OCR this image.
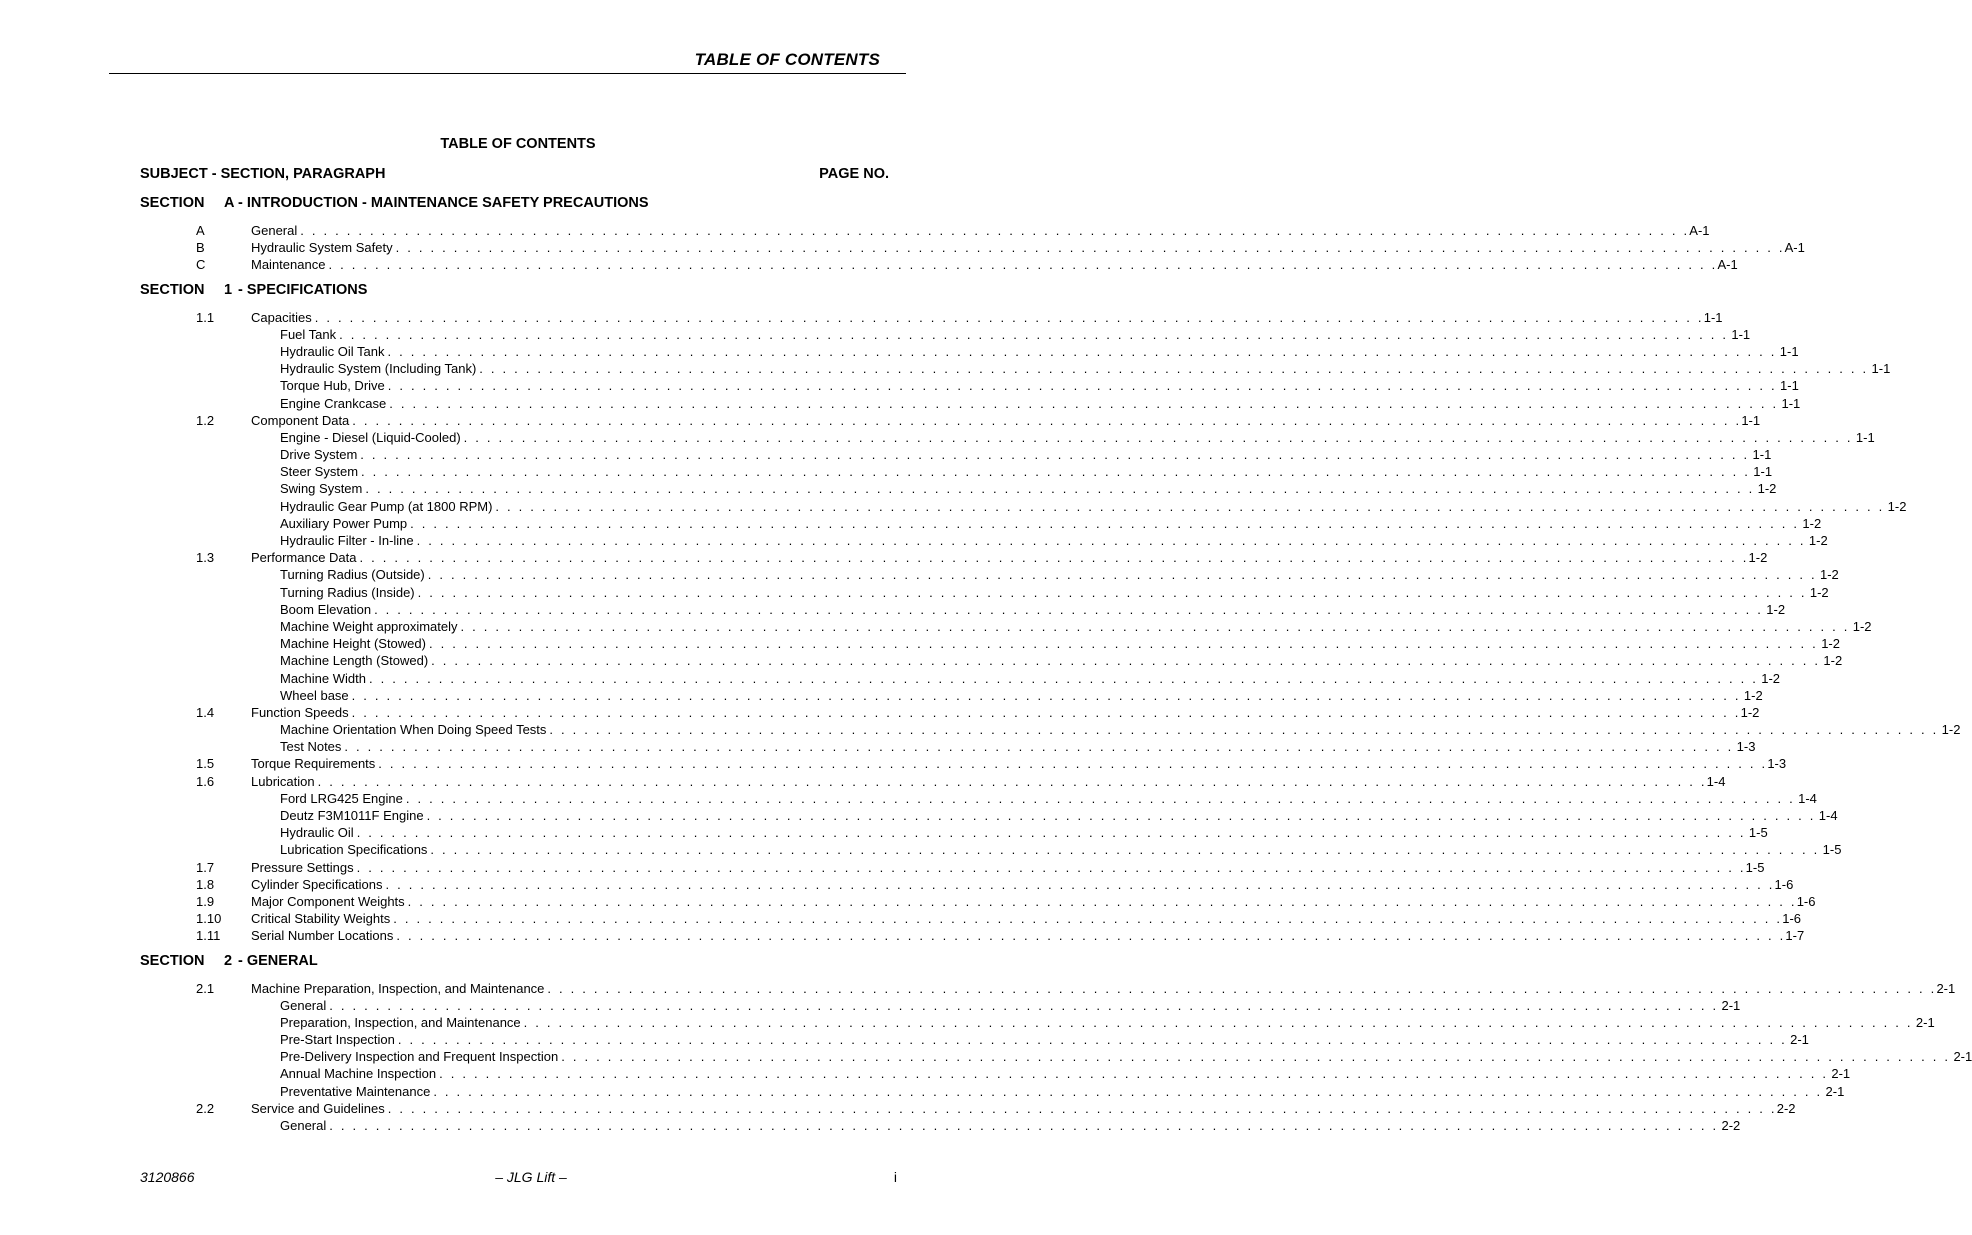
TABLE OF CONTENTS
TABLE OF CONTENTS
SUBJECT - SECTION, PARAGRAPH	PAGE NO.
SECTION A - INTRODUCTION - MAINTENANCE SAFETY PRECAUTIONS
A	General . . . . . . . . . . . . . . . . . . . . . . . . . . . . . . . . . . . . . . . . . . . . . . . . . . . . . . . . . . . . . . . . . . . . . . . . . . . . . . . . . . . . . . . . . . . . . . . . . . . . . . . . . . . . . . . . . . . . . . . . A-1
B	Hydraulic System Safety . . . . . . . . . . . . . . . . . . . . . . . . . . . . . . . . . . . . . . . . . . . . . . . . . . . . . . . . . . . . . . . . . . . . . . . . . . . . . . . . . . . . . . . . . . . . . . . . . . . . . . . . . . . . . . . . . . . . . . . . A-1
C	Maintenance . . . . . . . . . . . . . . . . . . . . . . . . . . . . . . . . . . . . . . . . . . . . . . . . . . . . . . . . . . . . . . . . . . . . . . . . . . . . . . . . . . . . . . . . . . . . . . . . . . . . . . . . . . . . . . . . . . . . . . . . A-1
SECTION 1 - SPECIFICATIONS
1.1	Capacities . . . . . . . . . . . . . . . . . . . . . . . . . . . . . . . . . . . . . . . . . . . . . . . . . . . . . . . . . . . . . . . . . . . . . . . . . . . . . . . . . . . . . . . . . . . . . . . . . . . . . . . . . . . . . . . . . . . . . . . . 1-1
Fuel Tank . . . . . . . . . . . . . . . . . . . . . . . . . . . . . . . . . . . . . . . . . . . . . . . . . . . . . . . . . . . . . . . . . . . . . . . . . . . . . . . . . . . . . . . . . . . . . . . . . . . . . . . . . . . . . . . . . . . . . . . . 1-1
Hydraulic Oil Tank . . . . . . . . . . . . . . . . . . . . . . . . . . . . . . . . . . . . . . . . . . . . . . . . . . . . . . . . . . . . . . . . . . . . . . . . . . . . . . . . . . . . . . . . . . . . . . . . . . . . . . . . . . . . . . . . . . . . . . . . 1-1
Hydraulic System (Including Tank) . . . . . . . . . . . . . . . . . . . . . . . . . . . . . . . . . . . . . . . . . . . . . . . . . . . . . . . . . . . . . . . . . . . . . . . . . . . . . . . . . . . . . . . . . . . . . . . . . . . . . . . . . . . . . . . . . . . . . . . . 1-1
Torque Hub, Drive . . . . . . . . . . . . . . . . . . . . . . . . . . . . . . . . . . . . . . . . . . . . . . . . . . . . . . . . . . . . . . . . . . . . . . . . . . . . . . . . . . . . . . . . . . . . . . . . . . . . . . . . . . . . . . . . . . . . . . . . 1-1
Engine Crankcase . . . . . . . . . . . . . . . . . . . . . . . . . . . . . . . . . . . . . . . . . . . . . . . . . . . . . . . . . . . . . . . . . . . . . . . . . . . . . . . . . . . . . . . . . . . . . . . . . . . . . . . . . . . . . . . . . . . . . . . . 1-1
1.2	Component Data . . . . . . . . . . . . . . . . . . . . . . . . . . . . . . . . . . . . . . . . . . . . . . . . . . . . . . . . . . . . . . . . . . . . . . . . . . . . . . . . . . . . . . . . . . . . . . . . . . . . . . . . . . . . . . . . . . . . . . . . 1-1
Engine - Diesel (Liquid-Cooled) . . . . . . . . . . . . . . . . . . . . . . . . . . . . . . . . . . . . . . . . . . . . . . . . . . . . . . . . . . . . . . . . . . . . . . . . . . . . . . . . . . . . . . . . . . . . . . . . . . . . . . . . . . . . . . . . . . . . . . . . 1-1
Drive System . . . . . . . . . . . . . . . . . . . . . . . . . . . . . . . . . . . . . . . . . . . . . . . . . . . . . . . . . . . . . . . . . . . . . . . . . . . . . . . . . . . . . . . . . . . . . . . . . . . . . . . . . . . . . . . . . . . . . . . . 1-1
Steer System . . . . . . . . . . . . . . . . . . . . . . . . . . . . . . . . . . . . . . . . . . . . . . . . . . . . . . . . . . . . . . . . . . . . . . . . . . . . . . . . . . . . . . . . . . . . . . . . . . . . . . . . . . . . . . . . . . . . . . . . 1-1
Swing System . . . . . . . . . . . . . . . . . . . . . . . . . . . . . . . . . . . . . . . . . . . . . . . . . . . . . . . . . . . . . . . . . . . . . . . . . . . . . . . . . . . . . . . . . . . . . . . . . . . . . . . . . . . . . . . . . . . . . . . . 1-2
Hydraulic Gear Pump (at 1800 RPM) . . . . . . . . . . . . . . . . . . . . . . . . . . . . . . . . . . . . . . . . . . . . . . . . . . . . . . . . . . . . . . . . . . . . . . . . . . . . . . . . . . . . . . . . . . . . . . . . . . . . . . . . . . . . . . . . . . . . . . . . 1-2
Auxiliary Power Pump . . . . . . . . . . . . . . . . . . . . . . . . . . . . . . . . . . . . . . . . . . . . . . . . . . . . . . . . . . . . . . . . . . . . . . . . . . . . . . . . . . . . . . . . . . . . . . . . . . . . . . . . . . . . . . . . . . . . . . . . 1-2
Hydraulic Filter - In-line . . . . . . . . . . . . . . . . . . . . . . . . . . . . . . . . . . . . . . . . . . . . . . . . . . . . . . . . . . . . . . . . . . . . . . . . . . . . . . . . . . . . . . . . . . . . . . . . . . . . . . . . . . . . . . . . . . . . . . . . 1-2
1.3	Performance Data . . . . . . . . . . . . . . . . . . . . . . . . . . . . . . . . . . . . . . . . . . . . . . . . . . . . . . . . . . . . . . . . . . . . . . . . . . . . . . . . . . . . . . . . . . . . . . . . . . . . . . . . . . . . . . . . . . . . . . . . 1-2
Turning Radius (Outside) . . . . . . . . . . . . . . . . . . . . . . . . . . . . . . . . . . . . . . . . . . . . . . . . . . . . . . . . . . . . . . . . . . . . . . . . . . . . . . . . . . . . . . . . . . . . . . . . . . . . . . . . . . . . . . . . . . . . . . . . 1-2
Turning Radius (Inside) . . . . . . . . . . . . . . . . . . . . . . . . . . . . . . . . . . . . . . . . . . . . . . . . . . . . . . . . . . . . . . . . . . . . . . . . . . . . . . . . . . . . . . . . . . . . . . . . . . . . . . . . . . . . . . . . . . . . . . . . 1-2
Boom Elevation . . . . . . . . . . . . . . . . . . . . . . . . . . . . . . . . . . . . . . . . . . . . . . . . . . . . . . . . . . . . . . . . . . . . . . . . . . . . . . . . . . . . . . . . . . . . . . . . . . . . . . . . . . . . . . . . . . . . . . . . 1-2
Machine Weight approximately . . . . . . . . . . . . . . . . . . . . . . . . . . . . . . . . . . . . . . . . . . . . . . . . . . . . . . . . . . . . . . . . . . . . . . . . . . . . . . . . . . . . . . . . . . . . . . . . . . . . . . . . . . . . . . . . . . . . . . . . 1-2
Machine Height (Stowed) . . . . . . . . . . . . . . . . . . . . . . . . . . . . . . . . . . . . . . . . . . . . . . . . . . . . . . . . . . . . . . . . . . . . . . . . . . . . . . . . . . . . . . . . . . . . . . . . . . . . . . . . . . . . . . . . . . . . . . . . 1-2
Machine Length (Stowed) . . . . . . . . . . . . . . . . . . . . . . . . . . . . . . . . . . . . . . . . . . . . . . . . . . . . . . . . . . . . . . . . . . . . . . . . . . . . . . . . . . . . . . . . . . . . . . . . . . . . . . . . . . . . . . . . . . . . . . . . 1-2
Machine Width . . . . . . . . . . . . . . . . . . . . . . . . . . . . . . . . . . . . . . . . . . . . . . . . . . . . . . . . . . . . . . . . . . . . . . . . . . . . . . . . . . . . . . . . . . . . . . . . . . . . . . . . . . . . . . . . . . . . . . . . 1-2
Wheel base . . . . . . . . . . . . . . . . . . . . . . . . . . . . . . . . . . . . . . . . . . . . . . . . . . . . . . . . . . . . . . . . . . . . . . . . . . . . . . . . . . . . . . . . . . . . . . . . . . . . . . . . . . . . . . . . . . . . . . . . 1-2
1.4	Function Speeds . . . . . . . . . . . . . . . . . . . . . . . . . . . . . . . . . . . . . . . . . . . . . . . . . . . . . . . . . . . . . . . . . . . . . . . . . . . . . . . . . . . . . . . . . . . . . . . . . . . . . . . . . . . . . . . . . . . . . . . . 1-2
Machine Orientation When Doing Speed Tests . . . . . . . . . . . . . . . . . . . . . . . . . . . . . . . . . . . . . . . . . . . . . . . . . . . . . . . . . . . . . . . . . . . . . . . . . . . . . . . . . . . . . . . . . . . . . . . . . . . . . . . . . . . . . . . . . . . . . . . . 1-2
Test Notes . . . . . . . . . . . . . . . . . . . . . . . . . . . . . . . . . . . . . . . . . . . . . . . . . . . . . . . . . . . . . . . . . . . . . . . . . . . . . . . . . . . . . . . . . . . . . . . . . . . . . . . . . . . . . . . . . . . . . . . . 1-3
1.5	Torque Requirements . . . . . . . . . . . . . . . . . . . . . . . . . . . . . . . . . . . . . . . . . . . . . . . . . . . . . . . . . . . . . . . . . . . . . . . . . . . . . . . . . . . . . . . . . . . . . . . . . . . . . . . . . . . . . . . . . . . . . . . . 1-3
1.6	Lubrication . . . . . . . . . . . . . . . . . . . . . . . . . . . . . . . . . . . . . . . . . . . . . . . . . . . . . . . . . . . . . . . . . . . . . . . . . . . . . . . . . . . . . . . . . . . . . . . . . . . . . . . . . . . . . . . . . . . . . . . . 1-4
Ford LRG425 Engine . . . . . . . . . . . . . . . . . . . . . . . . . . . . . . . . . . . . . . . . . . . . . . . . . . . . . . . . . . . . . . . . . . . . . . . . . . . . . . . . . . . . . . . . . . . . . . . . . . . . . . . . . . . . . . . . . . . . . . . . 1-4
Deutz F3M1011F Engine . . . . . . . . . . . . . . . . . . . . . . . . . . . . . . . . . . . . . . . . . . . . . . . . . . . . . . . . . . . . . . . . . . . . . . . . . . . . . . . . . . . . . . . . . . . . . . . . . . . . . . . . . . . . . . . . . . . . . . . . 1-4
Hydraulic Oil . . . . . . . . . . . . . . . . . . . . . . . . . . . . . . . . . . . . . . . . . . . . . . . . . . . . . . . . . . . . . . . . . . . . . . . . . . . . . . . . . . . . . . . . . . . . . . . . . . . . . . . . . . . . . . . . . . . . . . . . 1-5
Lubrication Specifications . . . . . . . . . . . . . . . . . . . . . . . . . . . . . . . . . . . . . . . . . . . . . . . . . . . . . . . . . . . . . . . . . . . . . . . . . . . . . . . . . . . . . . . . . . . . . . . . . . . . . . . . . . . . . . . . . . . . . . . . 1-5
1.7	Pressure Settings . . . . . . . . . . . . . . . . . . . . . . . . . . . . . . . . . . . . . . . . . . . . . . . . . . . . . . . . . . . . . . . . . . . . . . . . . . . . . . . . . . . . . . . . . . . . . . . . . . . . . . . . . . . . . . . . . . . . . . . . 1-5
1.8	Cylinder Specifications . . . . . . . . . . . . . . . . . . . . . . . . . . . . . . . . . . . . . . . . . . . . . . . . . . . . . . . . . . . . . . . . . . . . . . . . . . . . . . . . . . . . . . . . . . . . . . . . . . . . . . . . . . . . . . . . . . . . . . . . 1-6
1.9	Major Component Weights . . . . . . . . . . . . . . . . . . . . . . . . . . . . . . . . . . . . . . . . . . . . . . . . . . . . . . . . . . . . . . . . . . . . . . . . . . . . . . . . . . . . . . . . . . . . . . . . . . . . . . . . . . . . . . . . . . . . . . . . 1-6
1.10 Critical Stability Weights . . . . . . . . . . . . . . . . . . . . . . . . . . . . . . . . . . . . . . . . . . . . . . . . . . . . . . . . . . . . . . . . . . . . . . . . . . . . . . . . . . . . . . . . . . . . . . . . . . . . . . . . . . . . . . . . . . . . . . . . 1-6
1.11 Serial Number Locations . . . . . . . . . . . . . . . . . . . . . . . . . . . . . . . . . . . . . . . . . . . . . . . . . . . . . . . . . . . . . . . . . . . . . . . . . . . . . . . . . . . . . . . . . . . . . . . . . . . . . . . . . . . . . . . . . . . . . . . . 1-7
SECTION 2 - GENERAL
2.1	Machine Preparation, Inspection, and Maintenance . . . . . . . . . . . . . . . . . . . . . . . . . . . . . . . . . . . . . . . . . . . . . . . . . . . . . . . . . . . . . . . . . . . . . . . . . . . . . . . . . . . . . . . . . . . . . . . . . . . . . . . . . . . . . . . . . . . . . . . . 2-1
General . . . . . . . . . . . . . . . . . . . . . . . . . . . . . . . . . . . . . . . . . . . . . . . . . . . . . . . . . . . . . . . . . . . . . . . . . . . . . . . . . . . . . . . . . . . . . . . . . . . . . . . . . . . . . . . . . . . . . . . . 2-1
Preparation, Inspection, and Maintenance . . . . . . . . . . . . . . . . . . . . . . . . . . . . . . . . . . . . . . . . . . . . . . . . . . . . . . . . . . . . . . . . . . . . . . . . . . . . . . . . . . . . . . . . . . . . . . . . . . . . . . . . . . . . . . . . . . . . . . . . 2-1
Pre-Start Inspection . . . . . . . . . . . . . . . . . . . . . . . . . . . . . . . . . . . . . . . . . . . . . . . . . . . . . . . . . . . . . . . . . . . . . . . . . . . . . . . . . . . . . . . . . . . . . . . . . . . . . . . . . . . . . . . . . . . . . . . . 2-1
Pre-Delivery Inspection and Frequent Inspection . . . . . . . . . . . . . . . . . . . . . . . . . . . . . . . . . . . . . . . . . . . . . . . . . . . . . . . . . . . . . . . . . . . . . . . . . . . . . . . . . . . . . . . . . . . . . . . . . . . . . . . . . . . . . . . . . . . . . . . . 2-1
Annual Machine Inspection . . . . . . . . . . . . . . . . . . . . . . . . . . . . . . . . . . . . . . . . . . . . . . . . . . . . . . . . . . . . . . . . . . . . . . . . . . . . . . . . . . . . . . . . . . . . . . . . . . . . . . . . . . . . . . . . . . . . . . . . 2-1
Preventative Maintenance . . . . . . . . . . . . . . . . . . . . . . . . . . . . . . . . . . . . . . . . . . . . . . . . . . . . . . . . . . . . . . . . . . . . . . . . . . . . . . . . . . . . . . . . . . . . . . . . . . . . . . . . . . . . . . . . . . . . . . . . 2-1
2.2	Service and Guidelines . . . . . . . . . . . . . . . . . . . . . . . . . . . . . . . . . . . . . . . . . . . . . . . . . . . . . . . . . . . . . . . . . . . . . . . . . . . . . . . . . . . . . . . . . . . . . . . . . . . . . . . . . . . . . . . . . . . . . . . . 2-2
General . . . . . . . . . . . . . . . . . . . . . . . . . . . . . . . . . . . . . . . . . . . . . . . . . . . . . . . . . . . . . . . . . . . . . . . . . . . . . . . . . . . . . . . . . . . . . . . . . . . . . . . . . . . . . . . . . . . . . . . . 2-2
3120866	– JLG Lift –	i
